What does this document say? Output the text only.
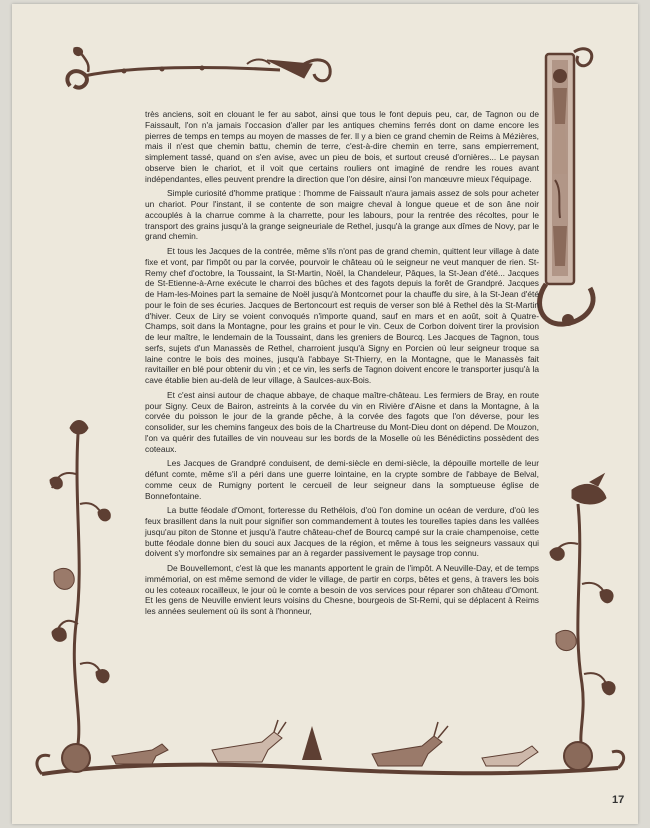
très anciens, soit en clouant le fer au sabot, ainsi que tous le font depuis peu, car, de Tagnon ou de Faissault, l'on n'a jamais l'occasion d'aller par les antiques chemins ferrés dont on dame encore les pierres de temps en temps au moyen de masses de fer. Il y a bien ce grand chemin de Reims à Mézières, mais il n'est que chemin battu, chemin de terre, c'est-à-dire chemin en terre, sans empierrement, simplement tassé, quand on s'en avise, avec un pieu de bois, et surtout creusé d'ornières... Le paysan observe bien le chariot, et il voit que certains rouliers ont imaginé de rendre les roues avant indépendantes, elles peuvent prendre la direction que l'on désire, ainsi l'on manœuvre mieux l'équipage.

Simple curiosité d'homme pratique : l'homme de Faissault n'aura jamais assez de sols pour acheter un chariot. Pour l'instant, il se contente de son maigre cheval à longue queue et de son âne noir accouplés à la charrue comme à la charrette, pour les labours, pour la rentrée des récoltes, pour le transport des grains jusqu'à la grange seigneuriale de Rethel, jusqu'à la grange aux dîmes de Novy, par le grand chemin.

Et tous les Jacques de la contrée, même s'ils n'ont pas de grand chemin, quittent leur village à date fixe et vont, par l'impôt ou par la corvée, pourvoir le château où le seigneur ne veut manquer de rien. St-Remy chef d'octobre, la Toussaint, la St-Martin, Noël, la Chandeleur, Pâques, la St-Jean d'été... Jacques de St-Etienne-à-Arne exécute le charroi des bûches et des fagots depuis la forêt de Grandpré. Jacques de Ham-les-Moines part la semaine de Noël jusqu'à Montcornet pour la chauffe du sire, à la St-Jean d'été pour le foin de ses écuries. Jacques de Bertoncourt est requis de verser son blé à Rethel dès la St-Martin d'hiver. Ceux de Liry se voient convoqués n'importe quand, sauf en mars et en août, soit à Quatre-Champs, soit dans la Montagne, pour les grains et pour le vin. Ceux de Corbon doivent tirer la provision de leur maître, le lendemain de la Toussaint, dans les greniers de Bourcq. Les Jacques de Tagnon, tous serfs, sujets d'un Manassès de Rethel, charroient jusqu'à Signy en Porcien où leur seigneur troque sa laine contre le bois des moines, jusqu'à l'abbaye St-Thierry, en la Montagne, que le Manassès fait ravitailler en blé pour obtenir du vin ; et ce vin, les serfs de Tagnon doivent encore le transporter jusqu'à la cave établie bien au-delà de leur village, à Saulces-aux-Bois.

Et c'est ainsi autour de chaque abbaye, de chaque maître-château. Les fermiers de Bray, en route pour Signy. Ceux de Bairon, astreints à la corvée du vin en Rivière d'Aisne et dans la Montagne, à la corvée du poisson le jour de la grande pêche, à la corvée des fagots que l'on déverse, pour les consolider, sur les chemins fangeux des bois de la Chartreuse du Mont-Dieu dont on dépend. De Mouzon, l'on va quérir des futailles de vin nouveau sur les bords de la Moselle où les Bénédictins possèdent des coteaux.

Les Jacques de Grandpré conduisent, de demi-siècle en demi-siècle, la dépouille mortelle de leur défunt comte, même s'il a péri dans une guerre lointaine, en la crypte sombre de l'abbaye de Belval, comme ceux de Rumigny portent le cercueil de leur seigneur dans la somptueuse église de Bonnefontaine.

La butte féodale d'Omont, forteresse du Rethélois, d'où l'on domine un océan de verdure, d'où les feux brasillent dans la nuit pour signifier son commandement à toutes les tourelles tapies dans les vallées jusqu'au piton de Stonne et jusqu'à l'autre château-chef de Bourcq campé sur la craie champenoise, cette butte féodale donne bien du souci aux Jacques de la région, et même à tous les seigneurs vassaux qui doivent s'y morfondre six semaines par an à regarder passivement le paysage trop connu.

De Bouvellemont, c'est là que les manants apportent le grain de l'impôt. A Neuville-Day, et de temps immémorial, on est même semond de vider le village, de partir en corps, bêtes et gens, à travers les bois ou les coteaux rocailleux, le jour où le comte a besoin de vos services pour réparer son château d'Omont. Et les gens de Neuville envient leurs voisins du Chesne, bourgeois de St-Remi, qui se déplacent à Reims les années seulement où ils sont à l'honneur,

17
